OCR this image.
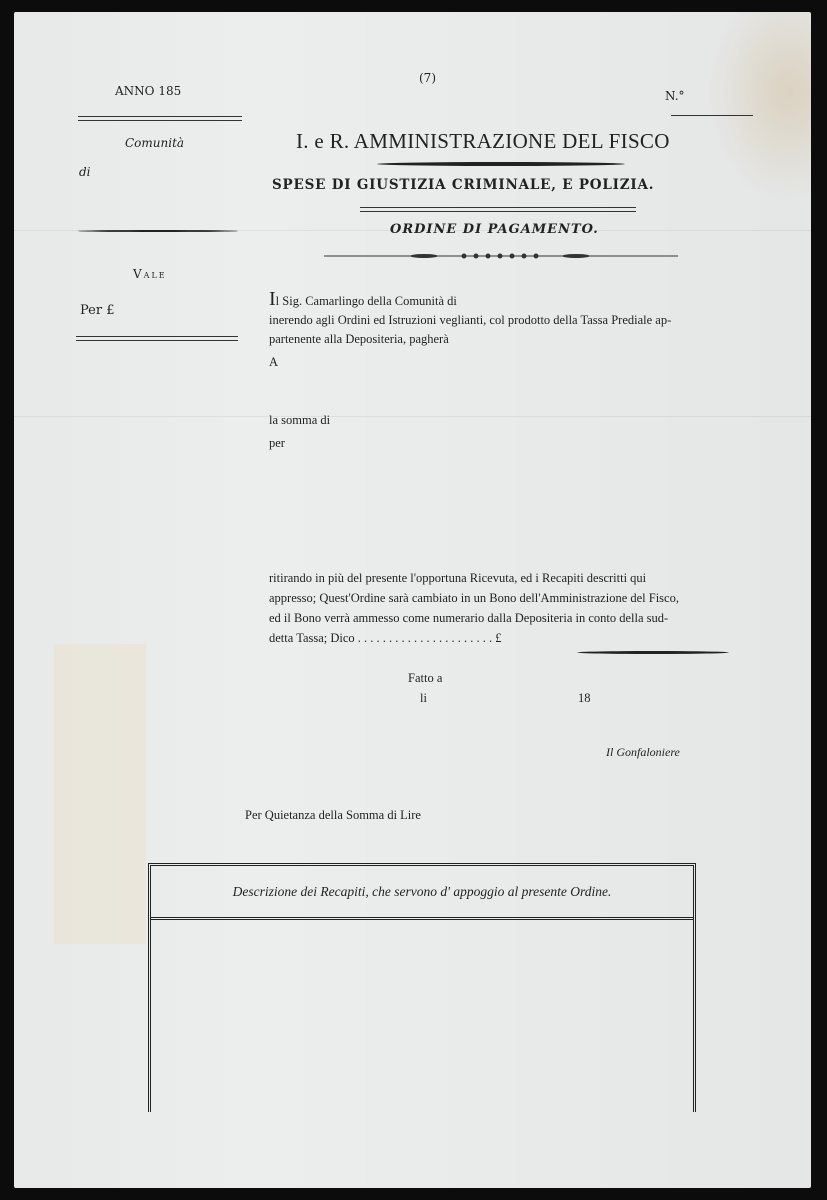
ANNO 185
Comunità
di
(7)
N.°
I. e R. AMMINISTRAZIONE DEL FISCO
SPESE DI GIUSTIZIA CRIMINALE, E POLIZIA.
ORDINE DI PAGAMENTO.
Vale
Per £
Il Sig. Camarlingo della Comunità di
inerendo agli Ordini ed Istruzioni veglianti, col prodotto della Tassa Prediale ap-
partenente alla Depositeria, pagherà
A
la somma di
per
ritirando in più del presente l'opportuna Ricevuta, ed i Recapiti descritti qui
appresso; Quest'Ordine sarà cambiato in un Bono dell'Amministrazione del Fisco,
ed il Bono verrà ammesso come numerario dalla Depositeria in conto della sud-
detta Tassa; Dico . . . . . . . . . . . . . . . . . . . . . . £
Fatto a
li	18
Il Gonfaloniere
Per Quietanza della Somma di Lire
Descrizione dei Recapiti, che servono d' appoggio al presente Ordine.
